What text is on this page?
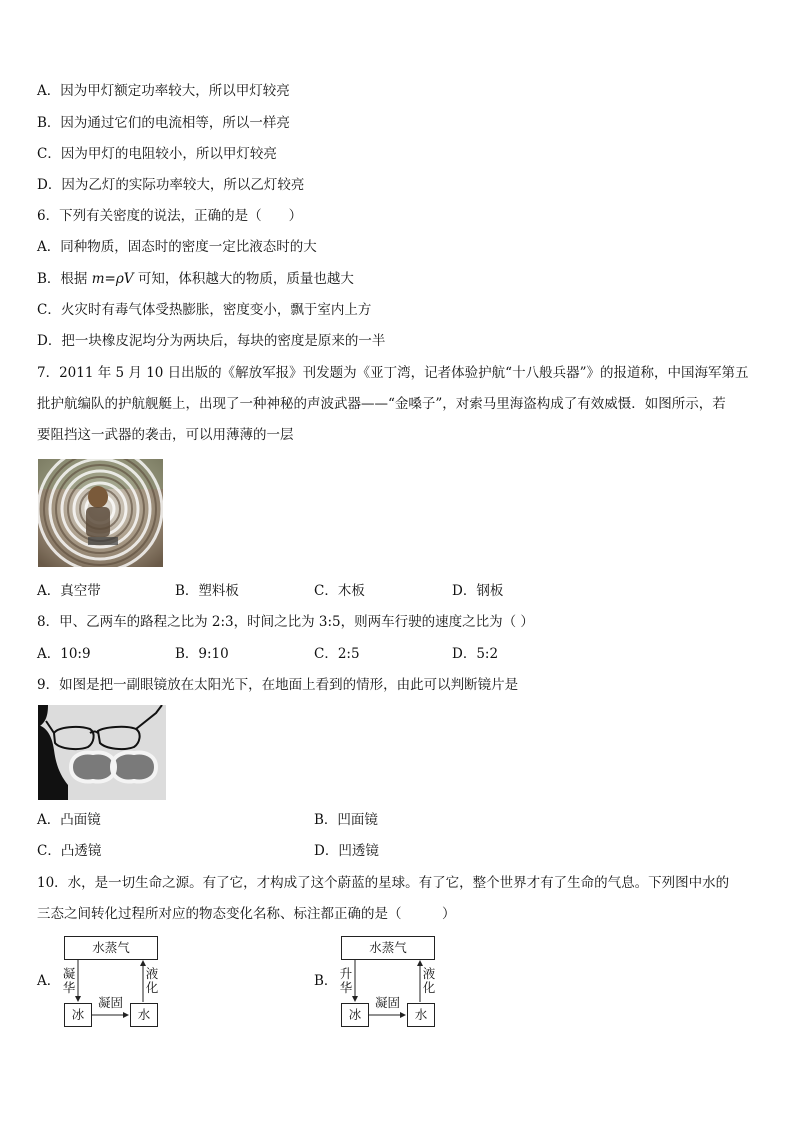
A．因为甲灯额定功率较大，所以甲灯较亮
B．因为通过它们的电流相等，所以一样亮
C．因为甲灯的电阻较小，所以甲灯较亮
D．因为乙灯的实际功率较大，所以乙灯较亮
6．下列有关密度的说法，正确的是（　　）
A．同种物质，固态时的密度一定比液态时的大
B．根据 m=ρV 可知，体积越大的物质，质量也越大
C．火灾时有毒气体受热膨胀，密度变小，飘于室内上方
D．把一块橡皮泥均分为两块后，每块的密度是原来的一半
7．2011 年 5 月 10 日出版的《解放军报》刊发题为《亚丁湾，记者体验护航“十八般兵器”》的报道称，中国海军第五
批护航编队的护航舰艇上，出现了一种神秘的声波武器——“金嗓子”，对索马里海盗构成了有效威慑．如图所示，若
要阻挡这一武器的袭击，可以用薄薄的一层
A．真空带	B．塑料板	C．木板	D．钢板
8．甲、乙两车的路程之比为 2:3，时间之比为 3:5，则两车行驶的速度之比为（ ）
A．10:9	B．9:10	C．2:5	D．5:2
9．如图是把一副眼镜放在太阳光下，在地面上看到的情形，由此可以判断镜片是
A．凸面镜	B．凹面镜
C．凸透镜	D．凹透镜
10．水，是一切生命之源。有了它，才构成了这个蔚蓝的星球。有了它，整个世界才有了生命的气息。下列图中水的
三态之间转化过程所对应的物态变化名称、标注都正确的是（　　　）
A．
水蒸气
冰	水
凝华
液化
凝固
B．
水蒸气
冰	水
升华
液化
凝固
